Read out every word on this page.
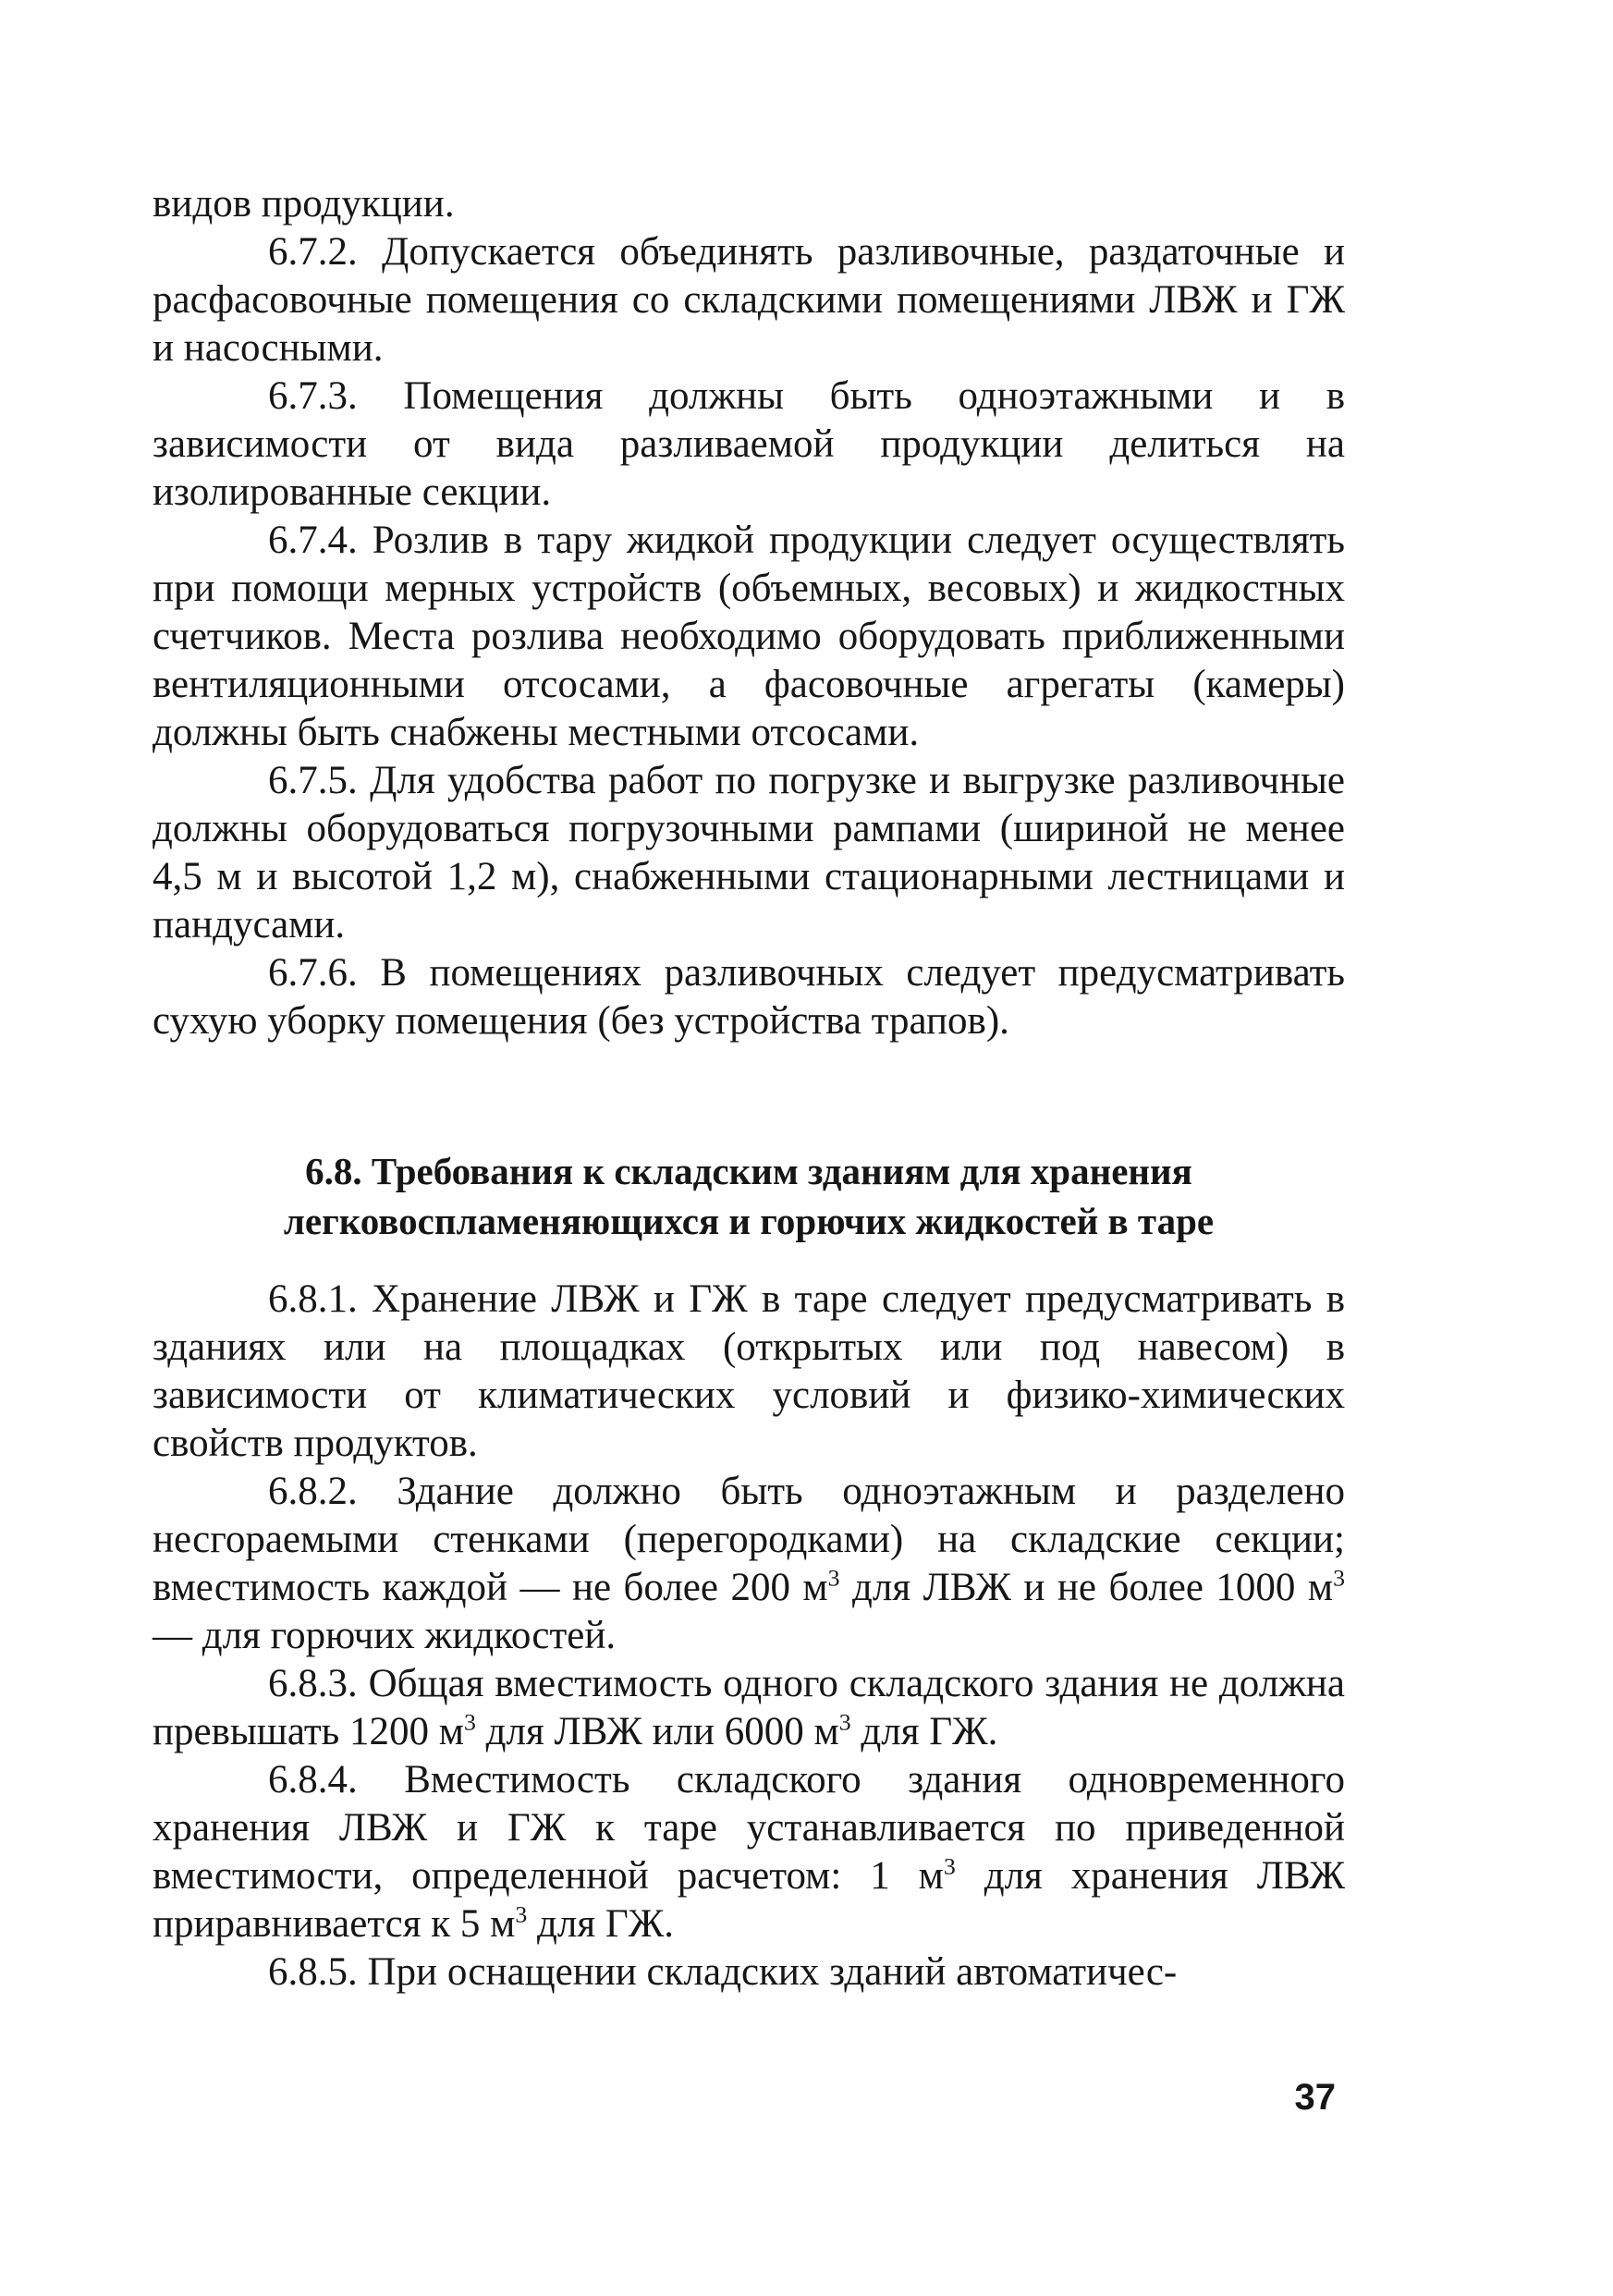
видов продукции.

6.7.2. Допускается объединять разливочные, раздаточные и расфасовочные помещения со складскими помещениями ЛВЖ и ГЖ и насосными.

6.7.3. Помещения должны быть одноэтажными и в зависимости от вида разливаемой продукции делиться на изолированные секции.

6.7.4. Розлив в тару жидкой продукции следует осуществлять при помощи мерных устройств (объемных, весовых) и жидкостных счетчиков. Места розлива необходимо оборудовать приближенными вентиляционными отсосами, а фасовочные агрегаты (камеры) должны быть снабжены местными отсосами.

6.7.5. Для удобства работ по погрузке и выгрузке разливочные должны оборудоваться погрузочными рампами (шириной не менее 4,5 м и высотой 1,2 м), снабженными стационарными лестницами и пандусами.

6.7.6. В помещениях разливочных следует предусматривать сухую уборку помещения (без устройства трапов).

6.8. Требования к складским зданиям для хранения
легковоспламеняющихся и горючих жидкостей в таре

6.8.1. Хранение ЛВЖ и ГЖ в таре следует предусматривать в зданиях или на площадках (открытых или под навесом) в зависимости от климатических условий и физико-химических свойств продуктов.

6.8.2. Здание должно быть одноэтажным и разделено несгораемыми стенками (перегородками) на складские секции; вместимость каждой — не более 200 $м^3$ для ЛВЖ и не более 1000 $м^3$ — для горючих жидкостей.

6.8.3. Общая вместимость одного складского здания не должна превышать 1200 $м^3$ для ЛВЖ или 6000 $м^3$ для ГЖ.

6.8.4. Вместимость складского здания одновременного хранения ЛВЖ и ГЖ к таре устанавливается по приведенной вместимости, определенной расчетом: 1 $м^3$ для хранения ЛВЖ приравнивается к 5 $м^3$ для ГЖ.

6.8.5. При оснащении складских зданий автоматичес-

37
